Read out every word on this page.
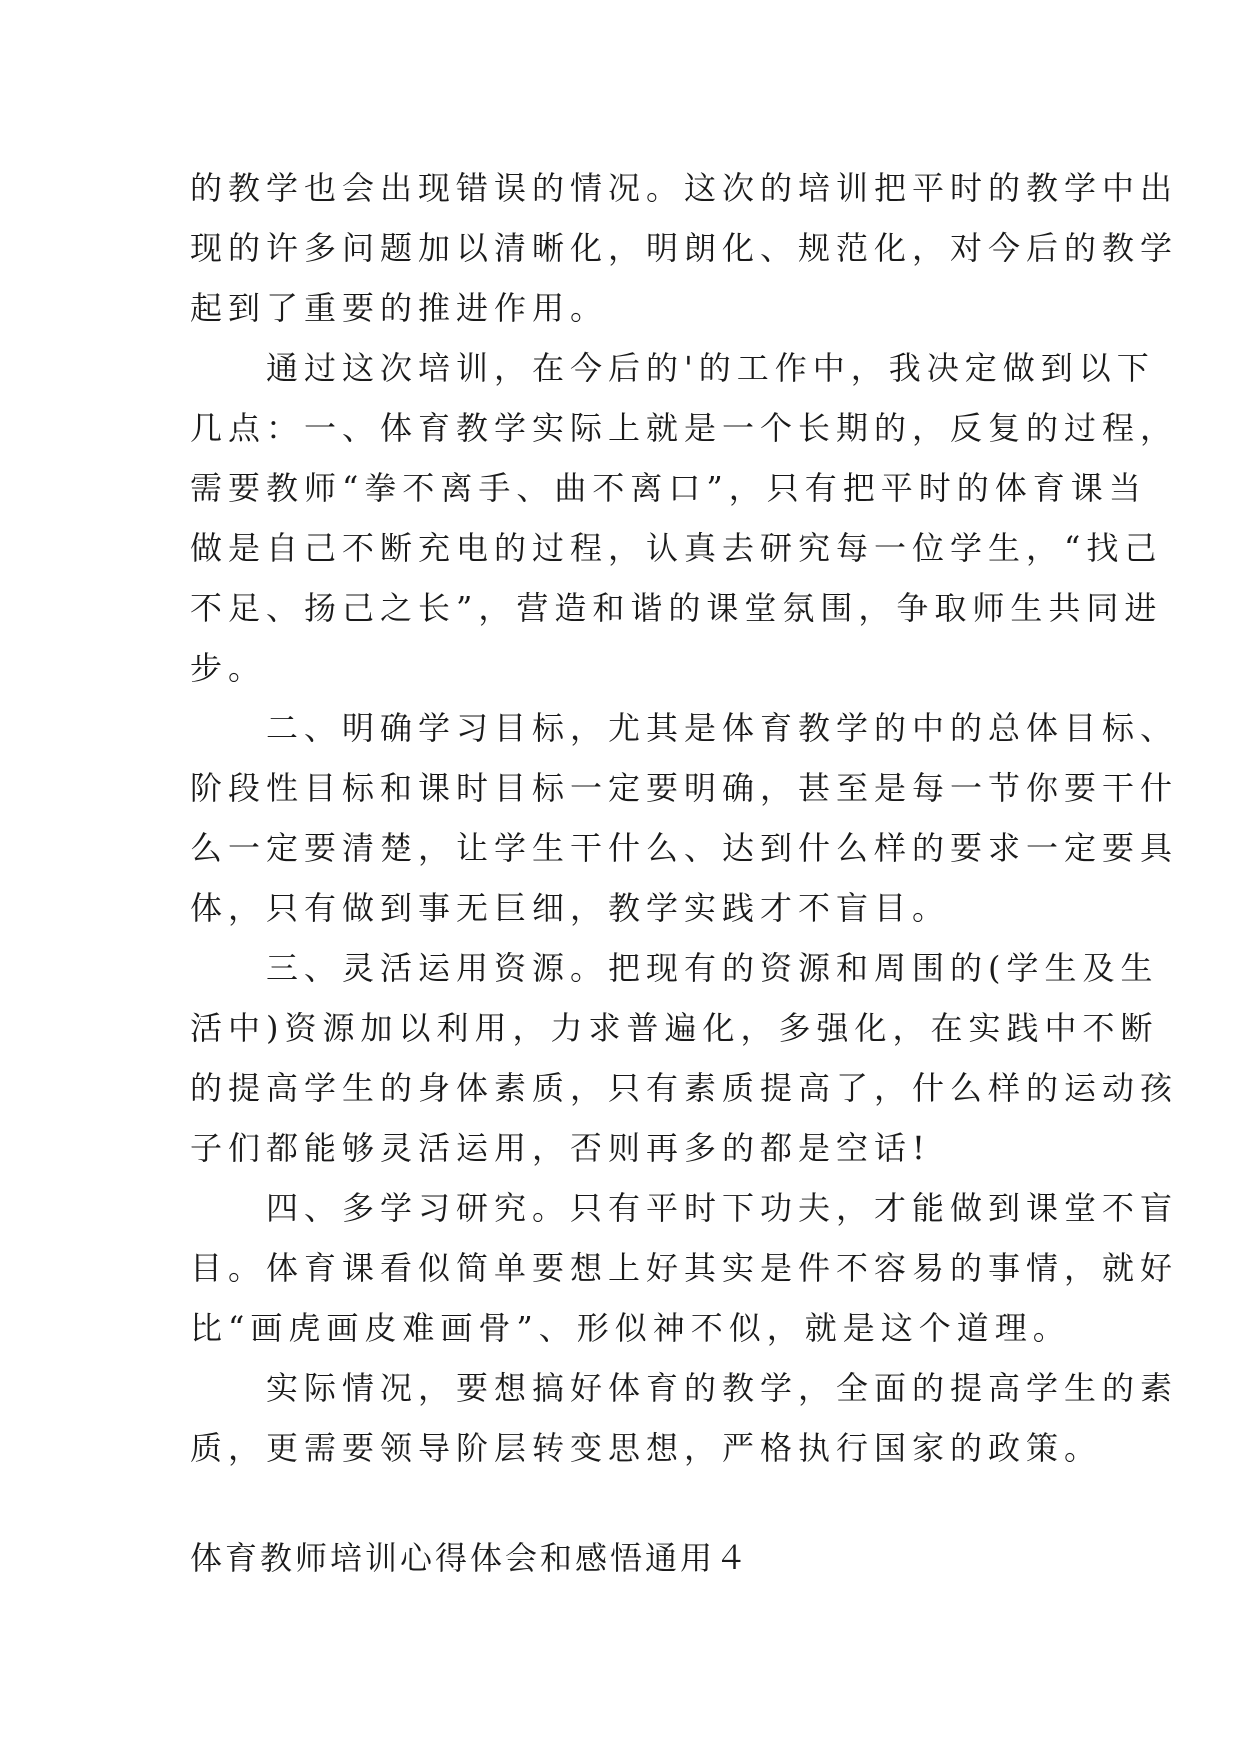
的教学也会出现错误的情况。这次的培训把平时的教学中出
现的许多问题加以清晰化，明朗化、规范化，对今后的教学
起到了重要的推进作用。
　　通过这次培训，在今后的'的工作中，我决定做到以下
几点：一、体育教学实际上就是一个长期的，反复的过程，
需要教师“拳不离手、曲不离口”，只有把平时的体育课当
做是自己不断充电的过程，认真去研究每一位学生，“找己
不足、扬己之长”，营造和谐的课堂氛围，争取师生共同进
步。
　　二、明确学习目标，尤其是体育教学的中的总体目标、
阶段性目标和课时目标一定要明确，甚至是每一节你要干什
么一定要清楚，让学生干什么、达到什么样的要求一定要具
体，只有做到事无巨细，教学实践才不盲目。
　　三、灵活运用资源。把现有的资源和周围的(学生及生
活中)资源加以利用，力求普遍化，多强化，在实践中不断
的提高学生的身体素质，只有素质提高了，什么样的运动孩
子们都能够灵活运用，否则再多的都是空话!
　　四、多学习研究。只有平时下功夫，才能做到课堂不盲
目。体育课看似简单要想上好其实是件不容易的事情，就好
比“画虎画皮难画骨”、形似神不似，就是这个道理。
　　实际情况，要想搞好体育的教学，全面的提高学生的素
质，更需要领导阶层转变思想，严格执行国家的政策。
体育教师培训心得体会和感悟通用４
